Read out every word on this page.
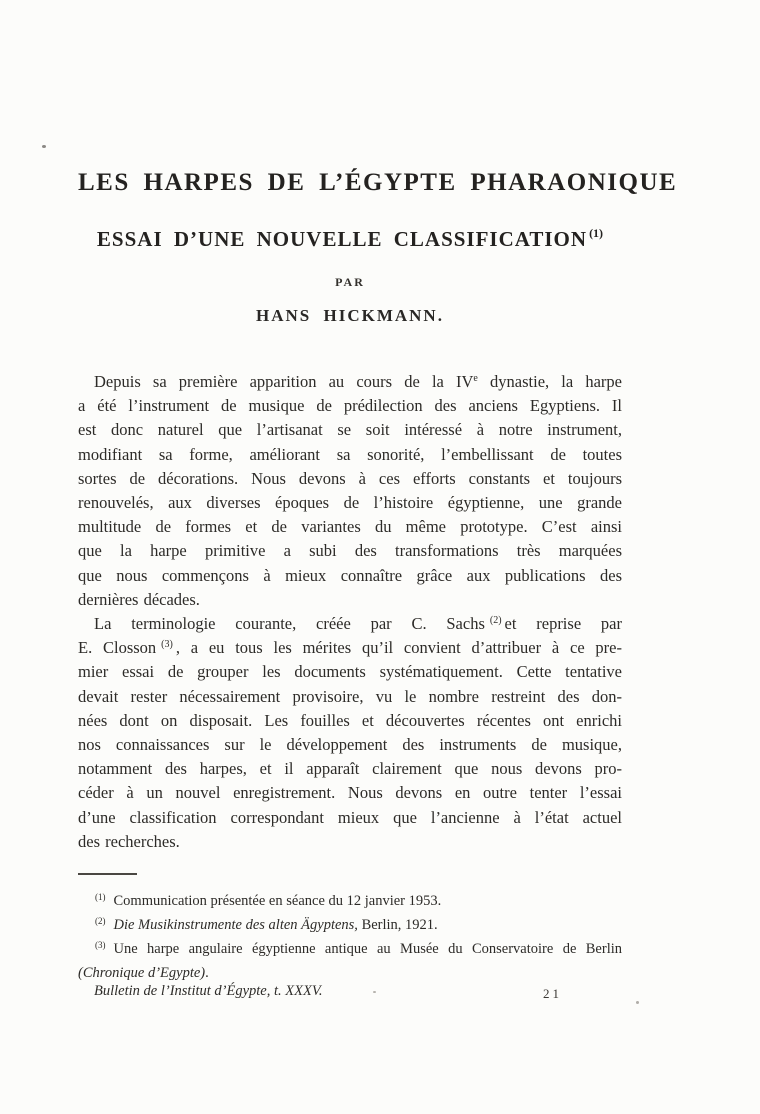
LES HARPES DE L’ÉGYPTE PHARAONIQUE
ESSAI D’UNE NOUVELLE CLASSIFICATION $^{(1)}$
PAR
HANS HICKMANN.
Depuis sa première apparition au cours de la IVe dynastie, la harpe
a été l’instrument de musique de prédilection des anciens Egyptiens. Il
est donc naturel que l’artisanat se soit intéressé à notre instrument,
modifiant sa forme, améliorant sa sonorité, l’embellissant de toutes
sortes de décorations. Nous devons à ces efforts constants et toujours
renouvelés, aux diverses époques de l’histoire égyptienne, une grande
multitude de formes et de variantes du même prototype. C’est ainsi
que la harpe primitive a subi des transformations très marquées
que nous commençons à mieux connaître grâce aux publications des
dernières décades.
La terminologie courante, créée par C. Sachs $^{(2)}$ et reprise par
E. Closson $^{(3)}$ , a eu tous les mérites qu’il convient d’attribuer à ce pre-
mier essai de grouper les documents systématiquement. Cette tentative
devait rester nécessairement provisoire, vu le nombre restreint des don-
nées dont on disposait. Les fouilles et découvertes récentes ont enrichi
nos connaissances sur le développement des instruments de musique,
notamment des harpes, et il apparaît clairement que nous devons pro-
céder à un nouvel enregistrement. Nous devons en outre tenter l’essai
d’une classification correspondant mieux que l’ancienne à l’état actuel
des recherches.
$^{(1)}$ Communication présentée en séance du 12 janvier 1953.
$^{(2)}$ Die Musikinstrumente des alten Ägyptens, Berlin, 1921.
$^{(3)}$ Une harpe angulaire égyptienne antique au Musée du Conservatoire de Berlin
(Chronique d’Egypte).
Bulletin de l’Institut d’Égypte, t. XXXV.	21
